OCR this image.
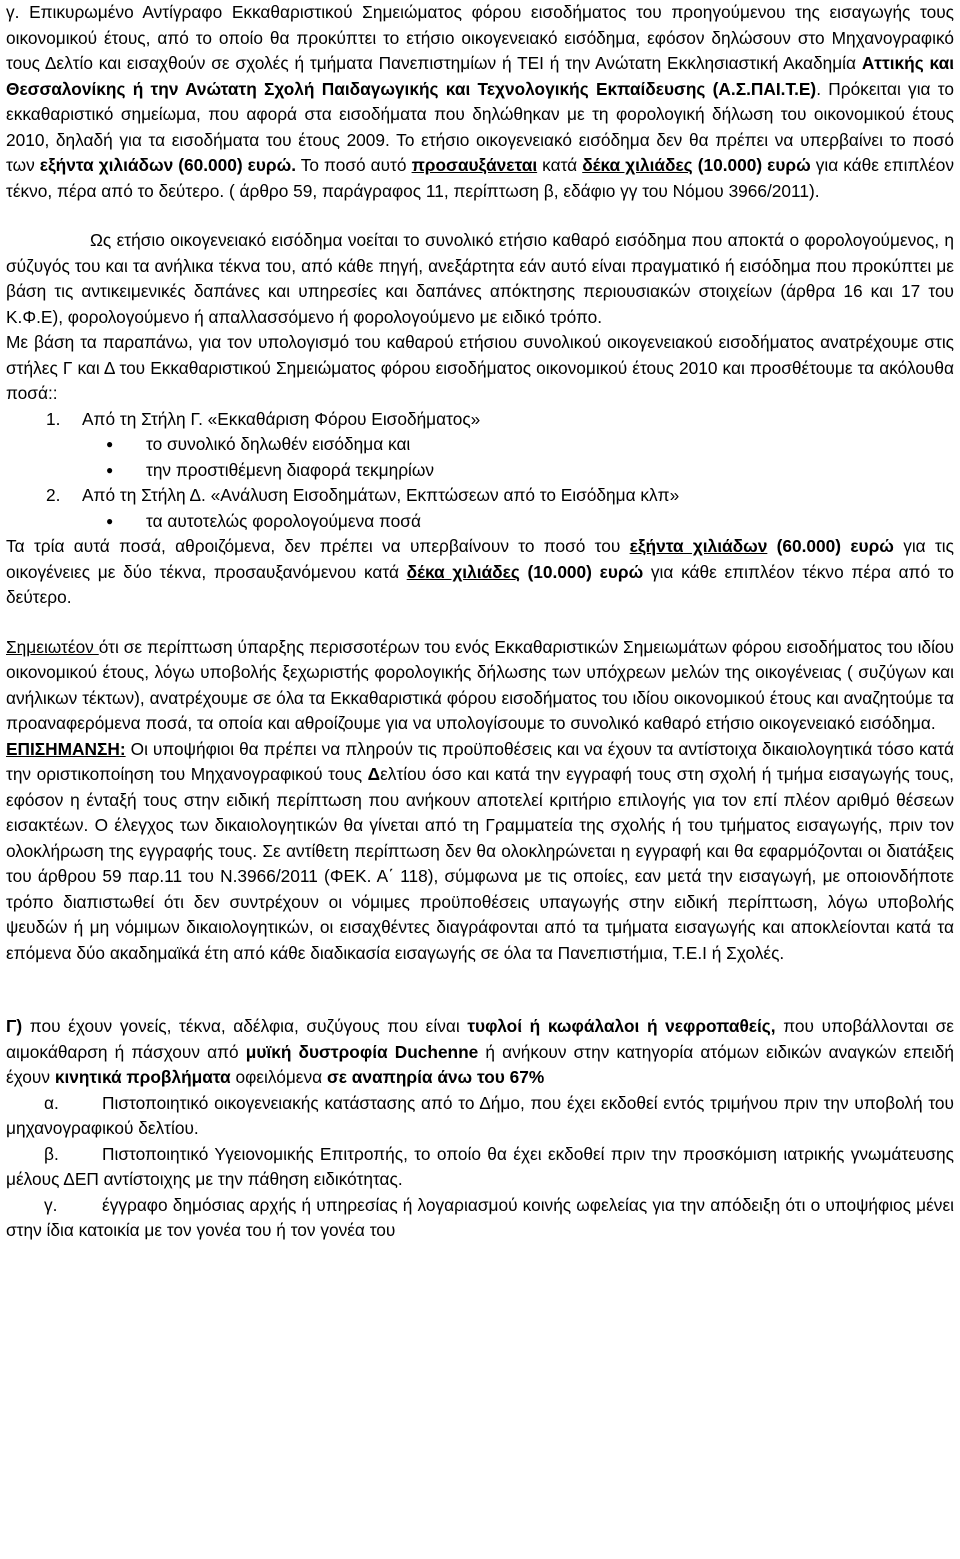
γ. Επικυρωμένο Αντίγραφο Εκκαθαριστικού Σημειώματος φόρου εισοδήματος του προηγούμενου της εισαγωγής τους οικονομικού έτους, από το οποίο θα προκύπτει το ετήσιο οικογενειακό εισόδημα, εφόσον δηλώσουν στο Μηχανογραφικό τους Δελτίο και εισαχθούν σε σχολές ή τμήματα Πανεπιστημίων ή ΤΕΙ ή την Ανώτατη Εκκλησιαστική Ακαδημία Αττικής και Θεσσαλονίκης ή την Ανώτατη Σχολή Παιδαγωγικής και Τεχνολογικής Εκπαίδευσης (Α.Σ.ΠΑΙ.Τ.Ε). Πρόκειται για το εκκαθαριστικό σημείωμα, που αφορά στα εισοδήματα που δηλώθηκαν με τη φορολογική δήλωση του οικονομικού έτους 2010, δηλαδή για τα εισοδήματα του έτους 2009. Το ετήσιο οικογενειακό εισόδημα δεν θα πρέπει να υπερβαίνει το ποσό των εξήντα χιλιάδων (60.000) ευρώ. Το ποσό αυτό προσαυξάνεται κατά δέκα χιλιάδες (10.000) ευρώ για κάθε επιπλέον τέκνο, πέρα από το δεύτερο. ( άρθρο 59, παράγραφος 11, περίπτωση β, εδάφιο γγ του Νόμου 3966/2011).

Ως ετήσιο οικογενειακό εισόδημα νοείται το συνολικό ετήσιο καθαρό εισόδημα που αποκτά ο φορολογούμενος, η σύζυγός του και τα ανήλικα τέκνα του, από κάθε πηγή, ανεξάρτητα εάν αυτό είναι πραγματικό ή εισόδημα που προκύπτει με βάση τις αντικειμενικές δαπάνες και υπηρεσίες και δαπάνες απόκτησης περιουσιακών στοιχείων (άρθρα 16 και 17 του Κ.Φ.Ε), φορολογούμενο ή απαλλασσόμενο ή φορολογούμενο με ειδικό τρόπο.

Με βάση τα παραπάνω, για τον υπολογισμό του καθαρού ετήσιου συνολικού οικογενειακού εισοδήματος ανατρέχουμε στις στήλες Γ και Δ του Εκκαθαριστικού Σημειώματος φόρου εισοδήματος οικονομικού έτους 2010 και προσθέτουμε τα ακόλουθα ποσά::

1.	Από τη Στήλη Γ. «Εκκαθάριση Φόρου Εισοδήματος»
●	το συνολικό δηλωθέν εισόδημα και
●	την προστιθέμενη διαφορά τεκμηρίων
2.	Από τη Στήλη Δ. «Ανάλυση Εισοδημάτων, Εκπτώσεων από το Εισόδημα κλπ»
●	τα αυτοτελώς φορολογούμενα ποσά

Τα τρία αυτά ποσά, αθροιζόμενα, δεν πρέπει να υπερβαίνουν το ποσό του εξήντα χιλιάδων (60.000) ευρώ για τις οικογένειες με δύο τέκνα, προσαυξανόμενου κατά δέκα χιλιάδες (10.000) ευρώ για κάθε επιπλέον τέκνο πέρα από το δεύτερο.

Σημειωτέον ότι σε περίπτωση ύπαρξης περισσοτέρων του ενός Εκκαθαριστικών Σημειωμάτων φόρου εισοδήματος του ιδίου οικονομικού έτους, λόγω υποβολής ξεχωριστής φορολογικής δήλωσης των υπόχρεων μελών της οικογένειας ( συζύγων και ανήλικων τέκτων), ανατρέχουμε σε όλα τα Εκκαθαριστικά φόρου εισοδήματος του ιδίου οικονομικού έτους και αναζητούμε τα προαναφερόμενα ποσά, τα οποία και αθροίζουμε για να υπολογίσουμε το συνολικό καθαρό ετήσιο οικογενειακό εισόδημα.

ΕΠΙΣΗΜΑΝΣΗ: Οι υποψήφιοι θα πρέπει να πληρούν τις προϋποθέσεις και να έχουν τα αντίστοιχα δικαιολογητικά τόσο κατά την οριστικοποίηση του Μηχανογραφικού τους Δελτίου όσο και κατά την εγγραφή τους στη σχολή ή τμήμα εισαγωγής τους, εφόσον η ένταξή τους στην ειδική περίπτωση που ανήκουν αποτελεί κριτήριο επιλογής για τον επί πλέον αριθμό θέσεων εισακτέων. Ο έλεγχος των δικαιολογητικών θα γίνεται από τη Γραμματεία της σχολής ή του τμήματος εισαγωγής, πριν τον ολοκλήρωση της εγγραφής τους. Σε αντίθετη περίπτωση δεν θα ολοκληρώνεται η εγγραφή και θα εφαρμόζονται οι διατάξεις του άρθρου 59 παρ.11 του Ν.3966/2011 (ΦΕΚ. Α΄ 118), σύμφωνα με τις οποίες, εαν μετά την εισαγωγή, με οποιονδήποτε τρόπο διαπιστωθεί ότι δεν συντρέχουν οι νόμιμες προϋποθέσεις υπαγωγής στην ειδική περίπτωση, λόγω υποβολής ψευδών ή μη νόμιμων δικαιολογητικών, οι εισαχθέντες διαγράφονται από τα τμήματα εισαγωγής και αποκλείονται κατά τα επόμενα δύο ακαδημαϊκά έτη από κάθε διαδικασία εισαγωγής σε όλα τα Πανεπιστήμια, Τ.Ε.Ι ή Σχολές.

Γ) που έχουν γονείς, τέκνα, αδέλφια, συζύγους που είναι τυφλοί ή κωφάλαλοι ή νεφροπαθείς, που υποβάλλονται σε αιμοκάθαρση ή πάσχουν από μυϊκή δυστροφία Duchenne ή ανήκουν στην κατηγορία ατόμων ειδικών αναγκών επειδή έχουν κινητικά προβλήματα οφειλόμενα σε αναπηρία άνω του 67%

α. Πιστοποιητικό οικογενειακής κατάστασης από το Δήμο, που έχει εκδοθεί εντός τριμήνου πριν την υποβολή του μηχανογραφικού δελτίου.

β.	Πιστοποιητικό Υγειονομικής Επιτροπής, το οποίο θα έχει εκδοθεί πριν την προσκόμιση ιατρικής γνωμάτευσης μέλους ΔΕΠ αντίστοιχης με την πάθηση ειδικότητας.

γ.	έγγραφο δημόσιας αρχής ή υπηρεσίας ή λογαριασμού κοινής ωφελείας για την απόδειξη ότι ο υποψήφιος μένει στην ίδια κατοικία με τον γονέα του ή τον γονέα του
